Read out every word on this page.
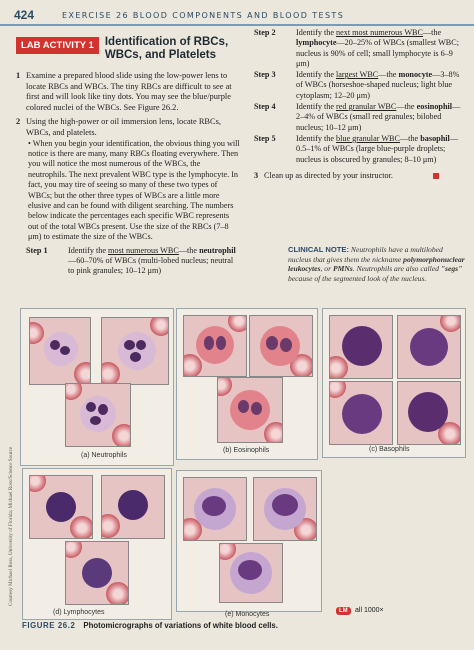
424	EXERCISE 26 BLOOD COMPONENTS AND BLOOD TESTS
LAB ACTIVITY 1 Identification of RBCs, WBCs, and Platelets
1 Examine a prepared blood slide using the low-power lens to locate RBCs and WBCs. The tiny RBCs are difficult to see at first and will look like tiny dots. You may see the blue/purple colored nuclei of the WBCs. See Figure 26.2.
2 Using the high-power or oil immersion lens, locate RBCs, WBCs, and platelets.
• When you begin your identification, the obvious thing you will notice is there are many, many RBCs floating everywhere. Then you will notice the most numerous of the WBCs, the neutrophils. The next prevalent WBC type is the lymphocyte. In fact, you may tire of seeing so many of these two types of WBCs; but the other three types of WBCs are a little more elusive and can be found with diligent searching. The numbers below indicate the percentages each specific WBC represents out of the total WBCs present. Use the size of the RBCs (7–8 μm) to estimate the size of the WBCs.
Step 1	Identify the most numerous WBC—the neutrophil—60–70% of WBCs (multi-lobed nucleus; neutral to pink granules; 10–12 μm)
Step 2	Identify the next most numerous WBC—the lymphocyte—20–25% of WBCs (smallest WBC; nucleus is 90% of cell; small lymphocyte is 6–9 μm)
Step 3	Identify the largest WBC—the monocyte—3–8% of WBCs (horseshoe-shaped nucleus; light blue cytoplasm; 12–20 μm)
Step 4	Identify the red granular WBC—the eosinophil—2–4% of WBCs (small red granules; bilobed nucleus; 10–12 μm)
Step 5	Identify the blue granular WBC—the basophil—0.5–1% of WBCs (large blue-purple droplets; nucleus is obscured by granules; 8–10 μm)
3 Clean up as directed by your instructor.
CLINICAL NOTE: Neutrophils have a multilobed nucleus that gives them the nickname polymorphonuclear leukocytes, or PMNs. Neutrophils are also called "segs" because of the segmented look of the nucleus.
Courtesy Michael Ross, University of Florida; Michael Ross/Science Source	(a) Neutrophils
(b) Eosinophils	(c) Basophils
(d) Lymphocytes	(e) Monocytes	LM	all 1000×
FIGURE 26.2 Photomicrographs of variations of white blood cells.
